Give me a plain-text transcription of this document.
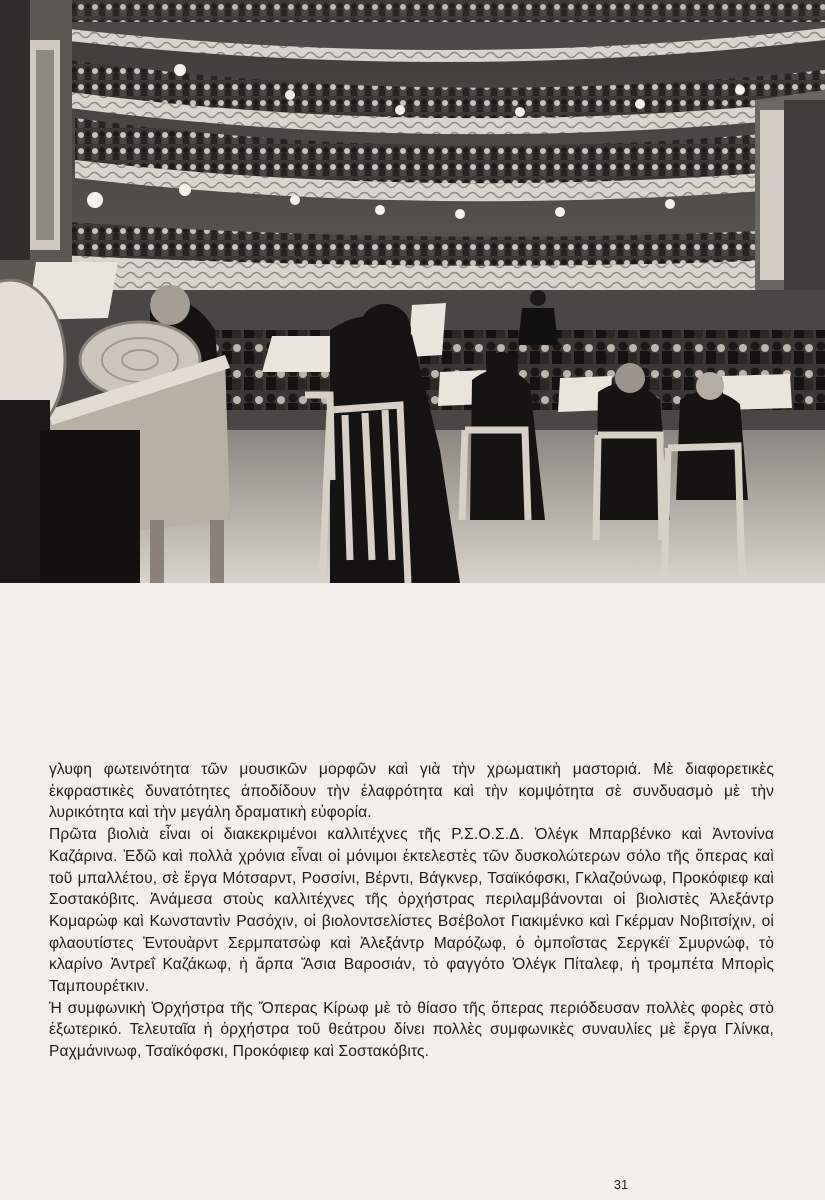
γλυφη φωτεινότητα τῶν μουσικῶν μορφῶν καὶ γιὰ τὴν χρωματικὴ μαστοριά. Μὲ διαφορετικὲς ἐκφραστικὲς δυνατότητες ἀποδίδουν τὴν ἐλαφρότητα καὶ τὴν κομψότητα σὲ συνδυασμὸ μὲ τὴν λυρικότητα καὶ τὴν μεγάλη δραματικὴ εὐφορία.

Πρῶτα βιολιὰ εἶναι οἱ διακεκριμένοι καλλιτέχνες τῆς Ρ.Σ.Ο.Σ.Δ. Ὀλέγκ Μπαρβένκο καὶ Ἀντονίνα Καζάρινα. Ἐδῶ καὶ πολλὰ χρόνια εἶναι οἱ μόνιμοι ἐκτελεστὲς τῶν δυσκολώτερων σόλο τῆς ὄπερας καὶ τοῦ μπαλλέτου, σὲ ἔργα Μότσαρντ, Ροσσίνι, Βέρντι, Βάγκνερ, Τσαϊκόφσκι, Γκλαζούνωφ, Προκόφιεφ καὶ Σοστακόβιτς. Ἀνάμεσα στοὺς καλλιτέχνες τῆς ὀρχήστρας περιλαμβάνονται οἱ βιολιστὲς Ἀλεξάντρ Κομαρώφ καὶ Κωνσταντὶν Ρασόχιν, οἱ βιολοντσελίστες Βσέβολοτ Γιακιμένκο καὶ Γκέρμαν Νοβιτσίχιν, οἱ φλαουτίστες Ἐντουὰρντ Σερμπατσὼφ καὶ Ἀλεξάντρ Μαρόζωφ, ὁ ὀμποΐστας Σεργκέϊ Σμυρνώφ, τὸ κλαρίνο Ἀντρεΐ Καζάκωφ, ἡ ἄρπα Ἄσια Βαροσιάν, τὸ φαγγότο Ὀλέγκ Πίταλεφ, ἡ τρομπέτα Μπορὶς Ταμπουρέτκιν.

Ἡ συμφωνικὴ Ὀρχήστρα τῆς Ὄπερας Κίρωφ μὲ τὸ θίασο τῆς ὄπερας περιόδευσαν πολλὲς φορὲς στὸ ἐξωτερικό. Τελευταῖα ἡ ὀρχήστρα τοῦ θεάτρου δίνει πολλὲς συμφωνικὲς συναυλίες μὲ ἔργα Γλίνκα, Ραχμάνινωφ, Τσαϊκόφσκι, Προκόφιεφ καὶ Σοστακόβιτς.

31
